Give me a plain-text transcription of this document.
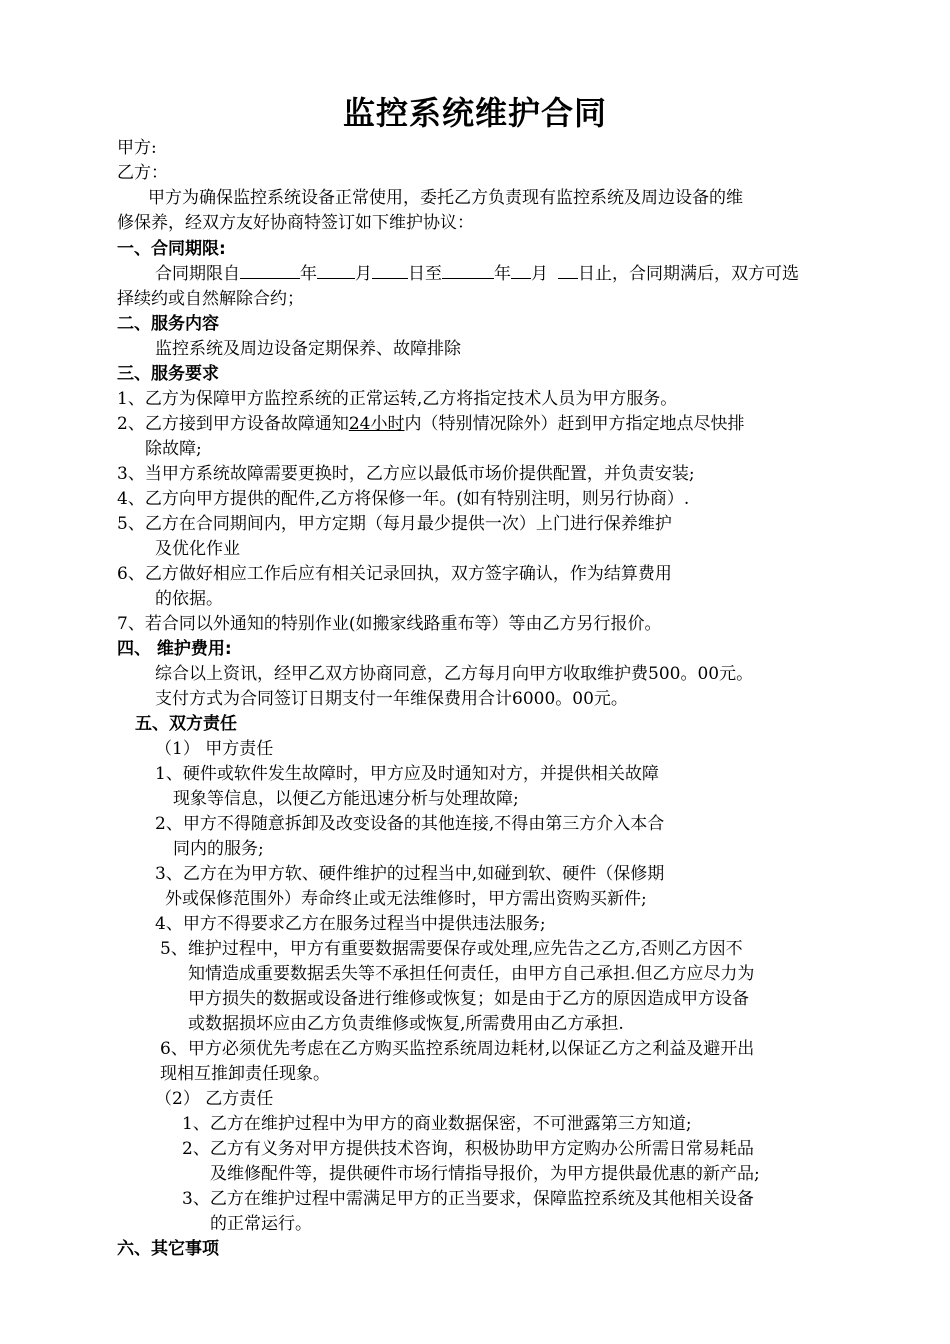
监控系统维护合同
甲方:
乙方：
甲方为确保监控系统设备正常使用，委托乙方负责现有监控系统及周边设备的维
修保养，经双方友好协商特签订如下维护协议：
一、合同期限:
合同期限自	年 月 日至	年 月 日止，合同期满后，双方可选
择续约或自然解除合约；
二、服务内容
监控系统及周边设备定期保养、故障排除
三、服务要求
1、乙方为保障甲方监控系统的正常运转,乙方将指定技术人员为甲方服务。
2、乙方接到甲方设备故障通知24小时内（特别情况除外）赶到甲方指定地点尽快排
除故障;
3、当甲方系统故障需要更换时，乙方应以最低市场价提供配置，并负责安装;
4、乙方向甲方提供的配件,乙方将保修一年。(如有特别注明，则另行协商）.
5、乙方在合同期间内，甲方定期（每月最少提供一次）上门进行保养维护
及优化作业
6、乙方做好相应工作后应有相关记录回执，双方签字确认，作为结算费用
的依据。
7、若合同以外通知的特别作业(如搬家线路重布等）等由乙方另行报价。
四、 维护费用:
综合以上资讯，经甲乙双方协商同意，乙方每月向甲方收取维护费500。00元。
支付方式为合同签订日期支付一年维保费用合计6000。00元。
五、双方责任
（1） 甲方责任
1、硬件或软件发生故障时，甲方应及时通知对方，并提供相关故障
现象等信息，以便乙方能迅速分析与处理故障;
2、甲方不得随意拆卸及改变设备的其他连接,不得由第三方介入本合
同内的服务;
3、乙方在为甲方软、硬件维护的过程当中,如碰到软、硬件（保修期
外或保修范围外）寿命终止或无法维修时，甲方需出资购买新件;
4、甲方不得要求乙方在服务过程当中提供违法服务;
5、维护过程中，甲方有重要数据需要保存或处理,应先告之乙方,否则乙方因不
知情造成重要数据丢失等不承担任何责任，由甲方自己承担.但乙方应尽力为
甲方损失的数据或设备进行维修或恢复；如是由于乙方的原因造成甲方设备
或数据损坏应由乙方负责维修或恢复,所需费用由乙方承担.
6、甲方必须优先考虑在乙方购买监控系统周边耗材,以保证乙方之利益及避开出
现相互推卸责任现象。
（2） 乙方责任
1、乙方在维护过程中为甲方的商业数据保密，不可泄露第三方知道;
2、乙方有义务对甲方提供技术咨询，积极协助甲方定购办公所需日常易耗品
及维修配件等，提供硬件市场行情指导报价，为甲方提供最优惠的新产品;
3、乙方在维护过程中需满足甲方的正当要求，保障监控系统及其他相关设备
的正常运行。
六、其它事项
